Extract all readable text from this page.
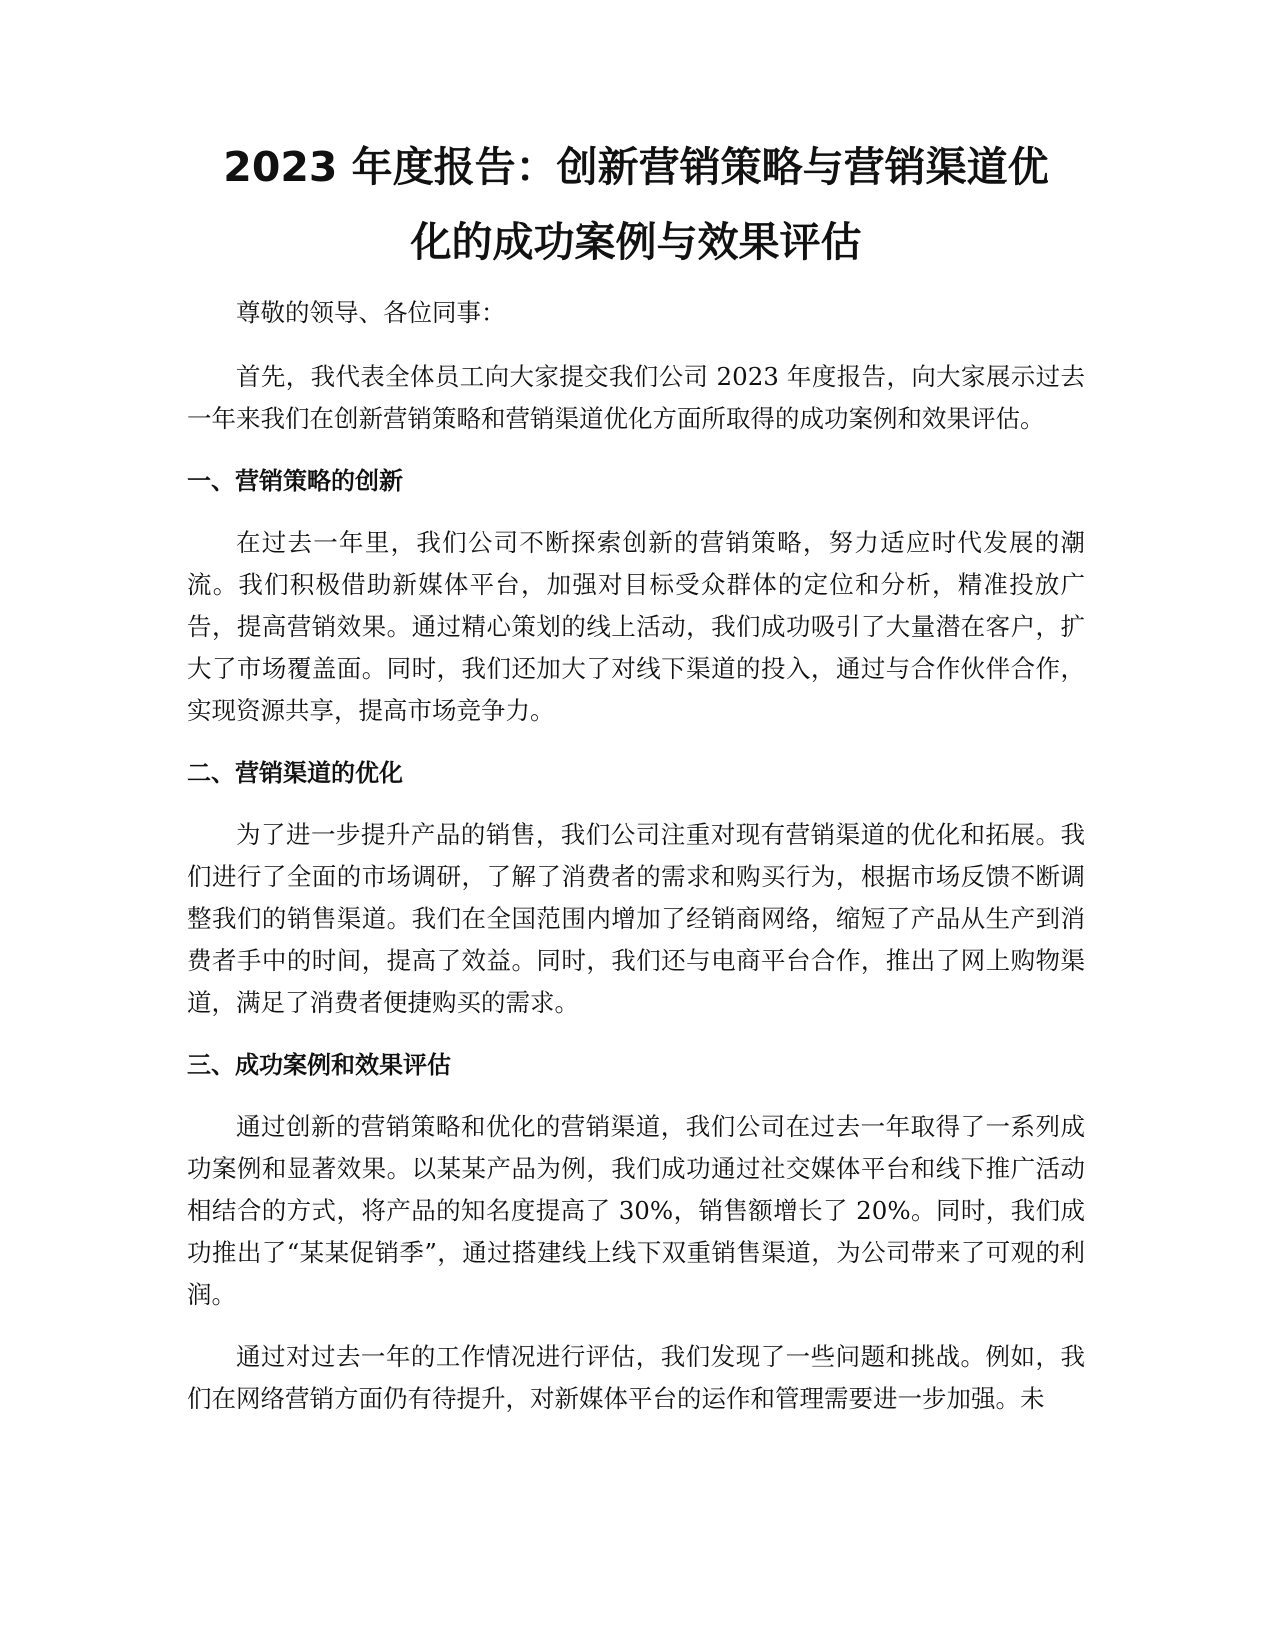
2023 年度报告：创新营销策略与营销渠道优
化的成功案例与效果评估

尊敬的领导、各位同事：

首先，我代表全体员工向大家提交我们公司 2023 年度报告，向大家展示过去一年来我们在创新营销策略和营销渠道优化方面所取得的成功案例和效果评估。

一、营销策略的创新

在过去一年里，我们公司不断探索创新的营销策略，努力适应时代发展的潮流。我们积极借助新媒体平台，加强对目标受众群体的定位和分析，精准投放广告，提高营销效果。通过精心策划的线上活动，我们成功吸引了大量潜在客户，扩大了市场覆盖面。同时，我们还加大了对线下渠道的投入，通过与合作伙伴合作，实现资源共享，提高市场竞争力。

二、营销渠道的优化

为了进一步提升产品的销售，我们公司注重对现有营销渠道的优化和拓展。我们进行了全面的市场调研，了解了消费者的需求和购买行为，根据市场反馈不断调整我们的销售渠道。我们在全国范围内增加了经销商网络，缩短了产品从生产到消费者手中的时间，提高了效益。同时，我们还与电商平台合作，推出了网上购物渠道，满足了消费者便捷购买的需求。

三、成功案例和效果评估

通过创新的营销策略和优化的营销渠道，我们公司在过去一年取得了一系列成功案例和显著效果。以某某产品为例，我们成功通过社交媒体平台和线下推广活动相结合的方式，将产品的知名度提高了 30%，销售额增长了 20%。同时，我们成功推出了“某某促销季”，通过搭建线上线下双重销售渠道，为公司带来了可观的利润。

通过对过去一年的工作情况进行评估，我们发现了一些问题和挑战。例如，我们在网络营销方面仍有待提升，对新媒体平台的运作和管理需要进一步加强。未
